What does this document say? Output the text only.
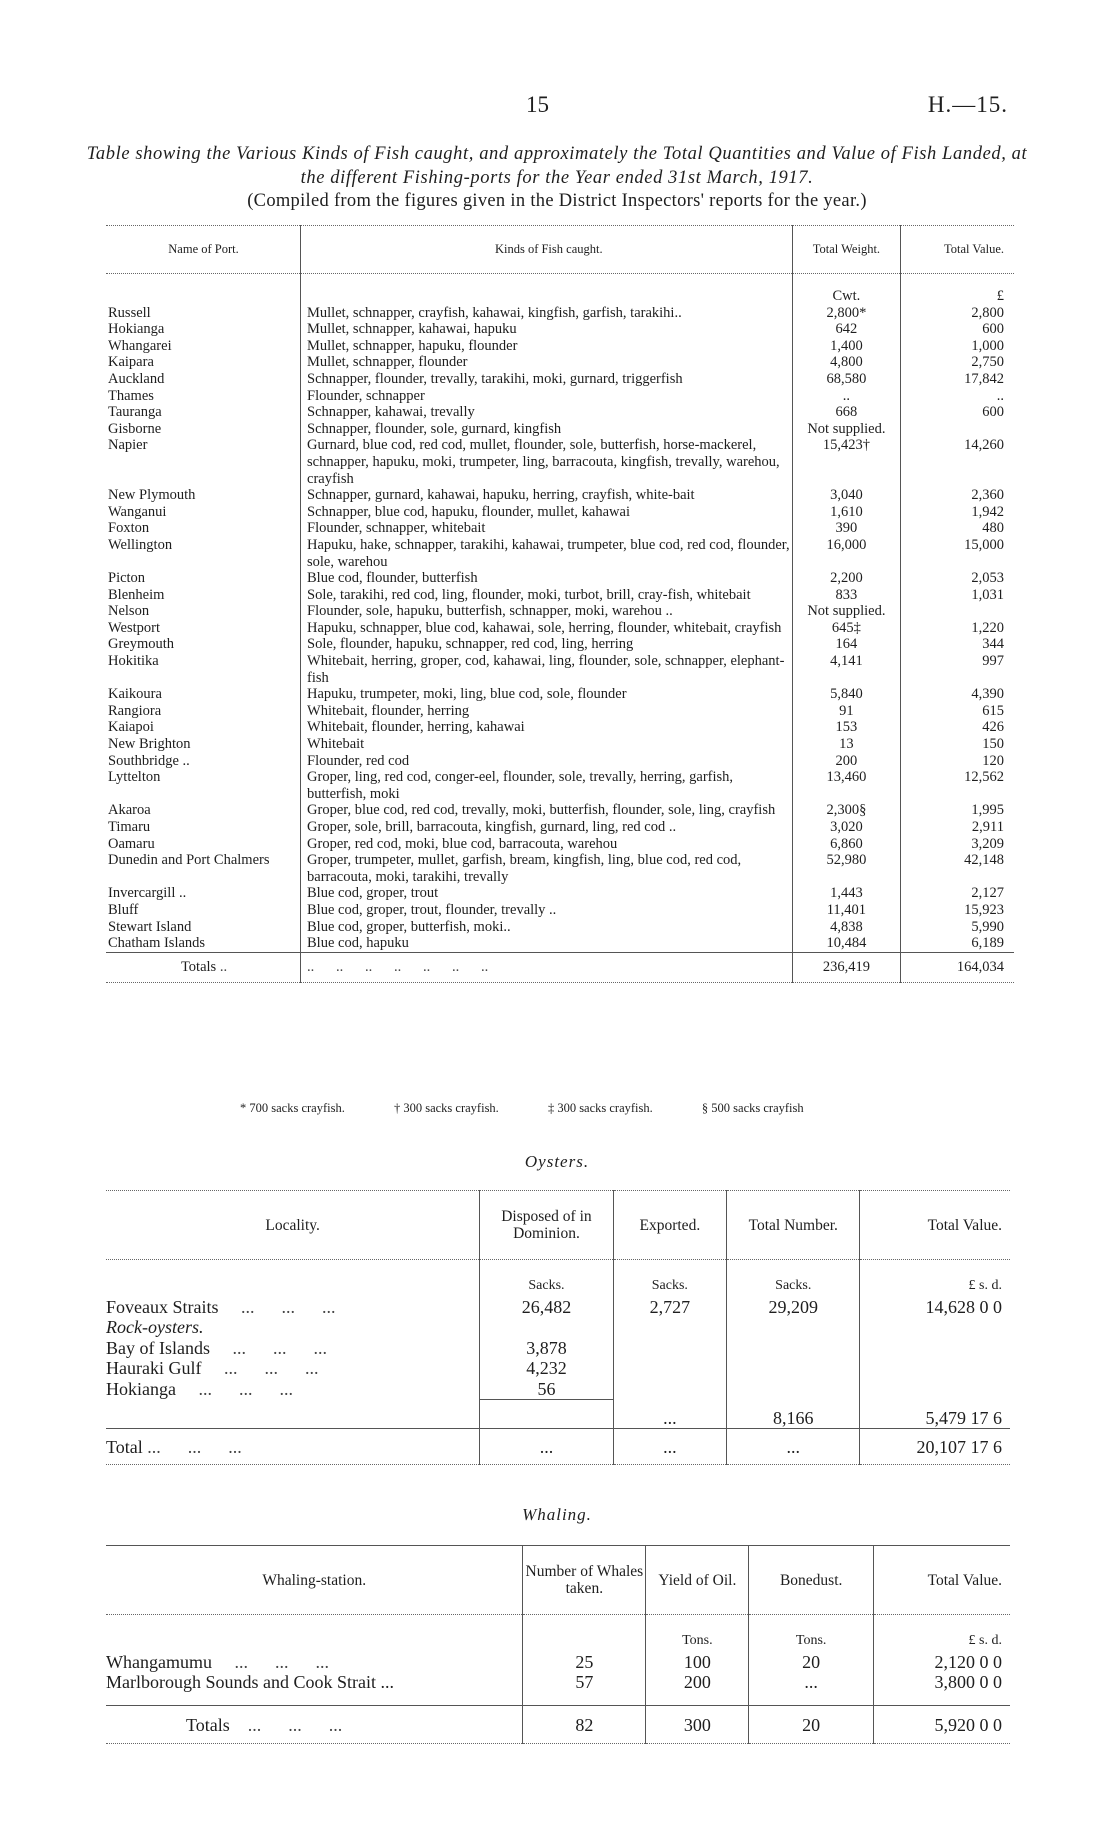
15	H.—15.
Table showing the Various Kinds of Fish caught, and approximately the Total Quantities and Value of Fish Landed, at the different Fishing-ports for the Year ended 31st March, 1917.
(Compiled from the figures given in the District Inspectors' reports for the year.)
Name of Port.	Kinds of Fish caught.	Total Weight.	Total Value.
		Cwt.	£
Russell	Mullet, schnapper, crayfish, kahawai, kingfish, garfish, tarakihi..	2,800*	2,800
Hokianga	Mullet, schnapper, kahawai, hapuku	642	600
Whangarei	Mullet, schnapper, hapuku, flounder	1,400	1,000
Kaipara	Mullet, schnapper, flounder	4,800	2,750
Auckland	Schnapper, flounder, trevally, tarakihi, moki, gurnard, triggerfish	68,580	17,842
Thames	Flounder, schnapper	..	..
Tauranga	Schnapper, kahawai, trevally	668	600
Gisborne	Schnapper, flounder, sole, gurnard, kingfish	Not supplied.	
Napier	Gurnard, blue cod, red cod, mullet, flounder, sole, butterfish, horse-mackerel, schnapper, hapuku, moki, trumpeter, ling, barracouta, kingfish, trevally, warehou, crayfish	15,423†	14,260
New Plymouth	Schnapper, gurnard, kahawai, hapuku, herring, crayfish, white-bait	3,040	2,360
Wanganui	Schnapper, blue cod, hapuku, flounder, mullet, kahawai	1,610	1,942
Foxton	Flounder, schnapper, whitebait	390	480
Wellington	Hapuku, hake, schnapper, tarakihi, kahawai, trumpeter, blue cod, red cod, flounder, sole, warehou	16,000	15,000
Picton	Blue cod, flounder, butterfish	2,200	2,053
Blenheim	Sole, tarakihi, red cod, ling, flounder, moki, turbot, brill, cray-fish, whitebait	833	1,031
Nelson	Flounder, sole, hapuku, butterfish, schnapper, moki, warehou ..	Not supplied.	
Westport	Hapuku, schnapper, blue cod, kahawai, sole, herring, flounder, whitebait, crayfish	645‡	1,220
Greymouth	Sole, flounder, hapuku, schnapper, red cod, ling, herring	164	344
Hokitika	Whitebait, herring, groper, cod, kahawai, ling, flounder, sole, schnapper, elephant-fish	4,141	997
Kaikoura	Hapuku, trumpeter, moki, ling, blue cod, sole, flounder	5,840	4,390
Rangiora	Whitebait, flounder, herring	91	615
Kaiapoi	Whitebait, flounder, herring, kahawai	153	426
New Brighton	Whitebait	13	150
Southbridge ..	Flounder, red cod	200	120
Lyttelton	Groper, ling, red cod, conger-eel, flounder, sole, trevally, herring, garfish, butterfish, moki	13,460	12,562
Akaroa	Groper, blue cod, red cod, trevally, moki, butterfish, flounder, sole, ling, crayfish	2,300§	1,995
Timaru	Groper, sole, brill, barracouta, kingfish, gurnard, ling, red cod ..	3,020	2,911
Oamaru	Groper, red cod, moki, blue cod, barracouta, warehou	6,860	3,209
Dunedin and Port Chalmers	Groper, trumpeter, mullet, garfish, bream, kingfish, ling, blue cod, red cod, barracouta, moki, tarakihi, trevally	52,980	42,148
Invercargill ..	Blue cod, groper, trout	1,443	2,127
Bluff	Blue cod, groper, trout, flounder, trevally ..	11,401	15,923
Stewart Island	Blue cod, groper, butterfish, moki..	4,838	5,990
Chatham Islands	Blue cod, hapuku	10,484	6,189
Totals ..	..      ..      ..      ..      ..      ..      ..	236,419	164,034
* 700 sacks crayfish.	† 300 sacks crayfish.	‡ 300 sacks crayfish.	§ 500 sacks crayfish
Oysters.
Locality.	Disposed of in Dominion.	Exported.	Total Number.	Total Value.
	Sacks.	Sacks.	Sacks.	£ s. d.
Foveaux Straits     ...      ...      ...	26,482	2,727	29,209	14,628 0 0
Rock-oysters.				
Bay of Islands     ...      ...      ...	3,878			
Hauraki Gulf     ...      ...      ...	4,232			
Hokianga     ...      ...      ...	56			
		...	8,166	5,479 17 6
Total ...      ...      ...	...	...	...	20,107 17 6
Whaling.
Whaling-station.	Number of Whales taken.	Yield of Oil.	Bonedust.	Total Value.
		Tons.	Tons.	£ s. d.
Whangamumu     ...      ...      ...	25	100	20	2,120 0 0
Marlborough Sounds and Cook Strait ...	57	200	...	3,800 0 0
Totals    ...      ...      ...	82	300	20	5,920 0 0
